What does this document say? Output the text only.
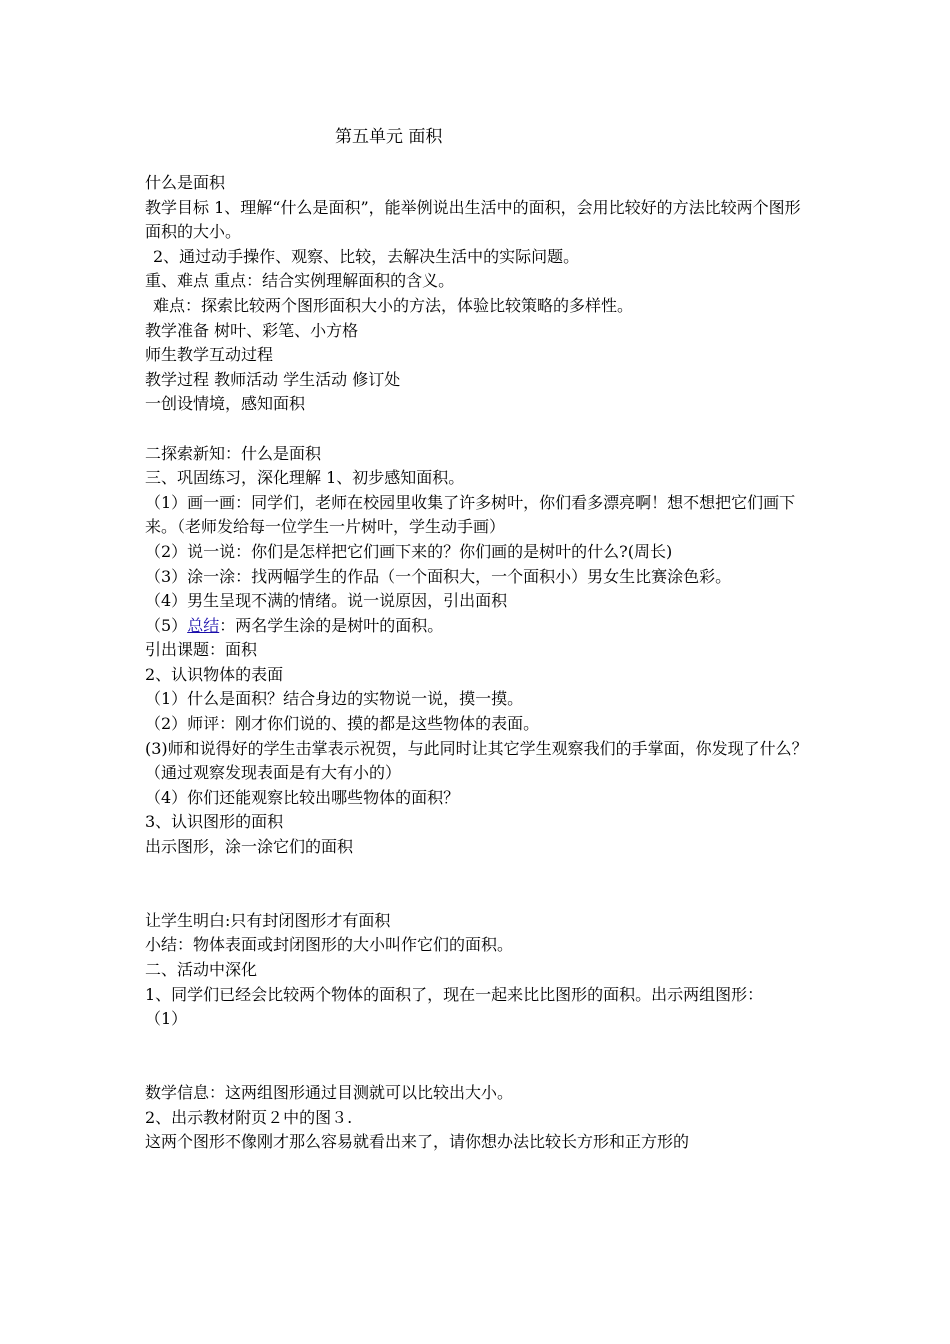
第五单元 面积
什么是面积
教学目标 1、理解“什么是面积”，能举例说出生活中的面积，会用比较好的方法比较两个图形面积的大小。
2、通过动手操作、观察、比较，去解决生活中的实际问题。
重、难点 重点：结合实例理解面积的含义。
难点：探索比较两个图形面积大小的方法，体验比较策略的多样性。
教学准备 树叶、彩笔、小方格
师生教学互动过程
教学过程 教师活动 学生活动 修订处
一创设情境，感知面积
二探索新知：什么是面积
三、巩固练习，深化理解 1、初步感知面积。
（1）画一画：同学们，老师在校园里收集了许多树叶，你们看多漂亮啊！想不想把它们画下来。（老师发给每一位学生一片树叶，学生动手画）
（2）说一说：你们是怎样把它们画下来的？你们画的是树叶的什么?(周长)
（3）涂一涂：找两幅学生的作品（一个面积大，一个面积小）男女生比赛涂色彩。
（4）男生呈现不满的情绪。说一说原因，引出面积
（5）总结：两名学生涂的是树叶的面积。
引出课题：面积
2、认识物体的表面
（1）什么是面积？结合身边的实物说一说，摸一摸。
（2）师评：刚才你们说的、摸的都是这些物体的表面。
(3)师和说得好的学生击掌表示祝贺，与此同时让其它学生观察我们的手掌面，你发现了什么？（通过观察发现表面是有大有小的）
（4）你们还能观察比较出哪些物体的面积？
3、认识图形的面积
出示图形，涂一涂它们的面积
让学生明白:只有封闭图形才有面积
小结：物体表面或封闭图形的大小叫作它们的面积。
二、活动中深化
1、同学们已经会比较两个物体的面积了，现在一起来比比图形的面积。出示两组图形：
（1）
数学信息：这两组图形通过目测就可以比较出大小。
2、出示教材附页２中的图３.
这两个图形不像刚才那么容易就看出来了，请你想办法比较长方形和正方形的
